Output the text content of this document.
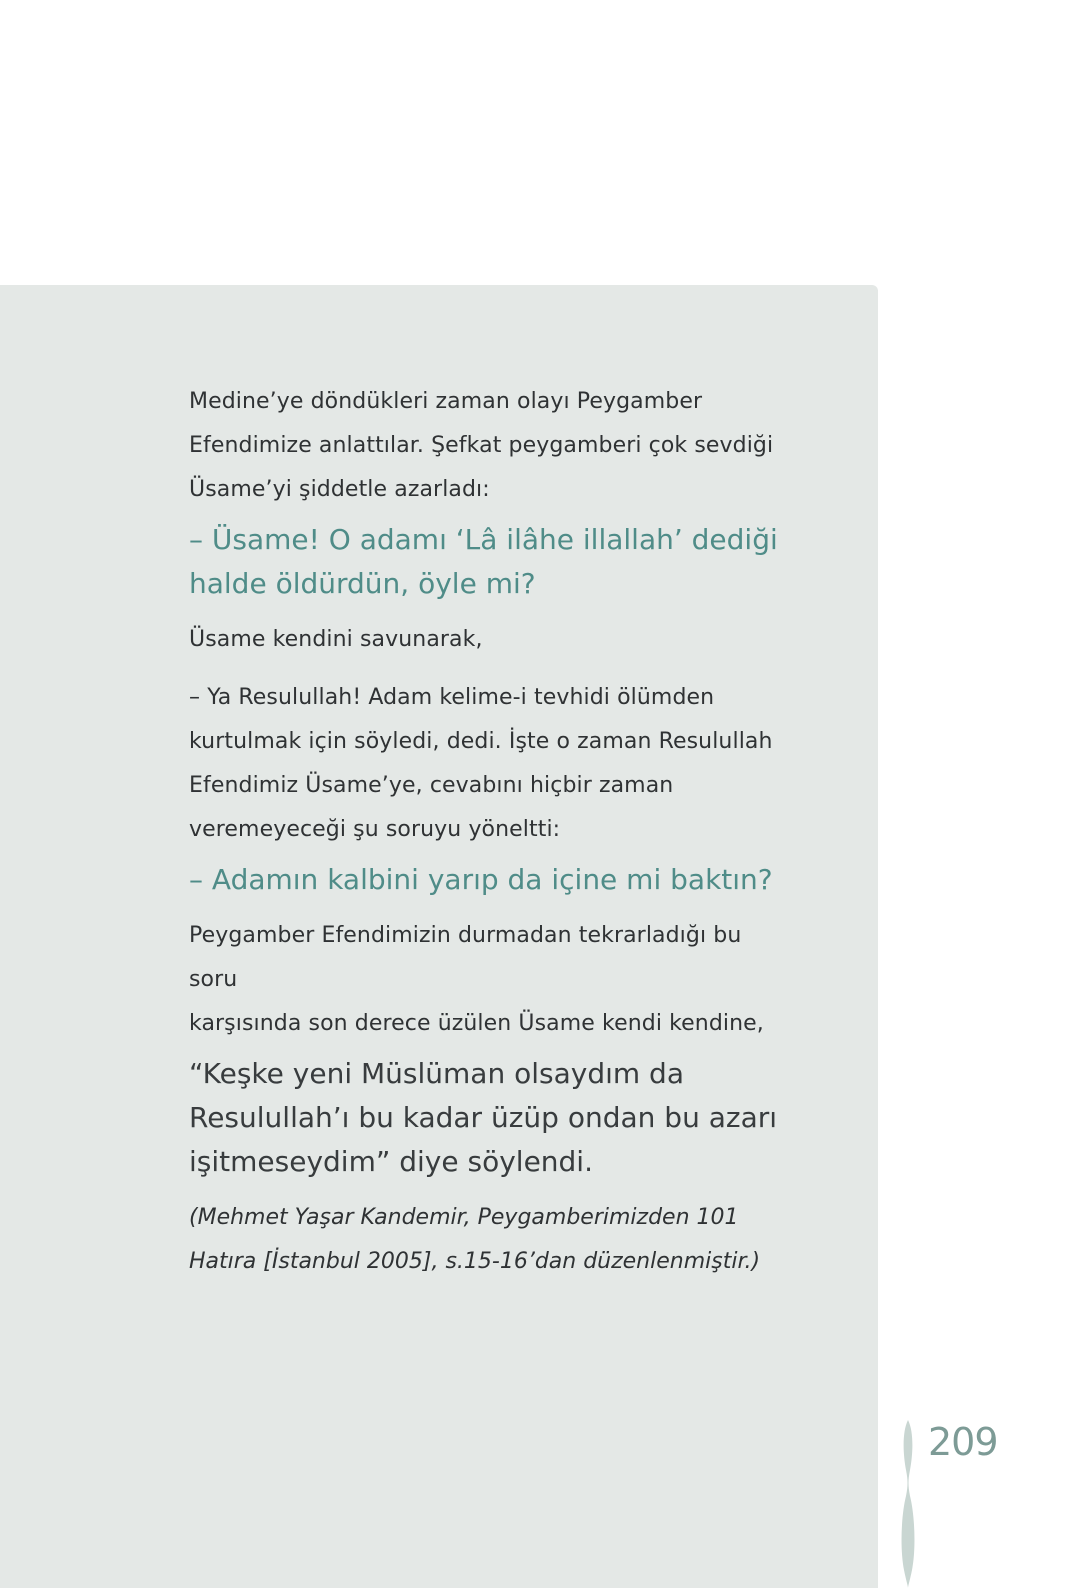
Medine’ye döndükleri zaman olayı Peygamber
Efendimize anlattılar. Şefkat peygamberi çok sevdiği
Üsame’yi şiddetle azarladı:

– Üsame! O adamı ‘Lâ ilâhe illallah’ dediği
halde öldürdün, öyle mi?

Üsame kendini savunarak,

– Ya Resulullah! Adam kelime-i tevhidi ölümden
kurtulmak için söyledi, dedi. İşte o zaman Resulullah
Efendimiz Üsame’ye, cevabını hiçbir zaman
veremeyeceği şu soruyu yöneltti:

– Adamın kalbini yarıp da içine mi baktın?

Peygamber Efendimizin durmadan tekrarladığı bu soru
karşısında son derece üzülen Üsame kendi kendine,

“Keşke yeni Müslüman olsaydım da
Resulullah’ı bu kadar üzüp ondan bu azarı
işitmeseydim” diye söylendi.

(Mehmet Yaşar Kandemir, Peygamberimizden 101
Hatıra [İstanbul 2005], s.15-16’dan düzenlenmiştir.)

209
